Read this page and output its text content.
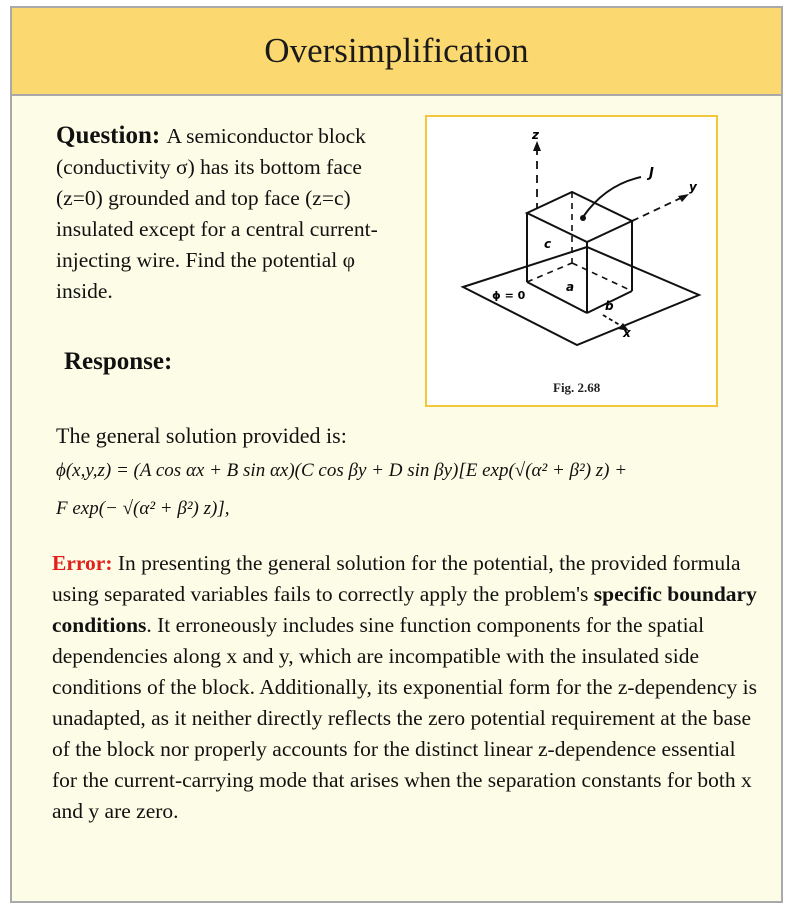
Oversimplification
Question: A semiconductor block (conductivity σ) has its bottom face (z=0) grounded and top face (z=c) insulated except for a central current-injecting wire. Find the potential φ inside.
Response:
z
y
x
J
c
a
b
ϕ = 0
Fig. 2.68
The general solution provided is:
ϕ(x,y,z) = (A cos αx + B sin αx)(C cos βy + D sin βy)[E exp(√(α² + β²) z) +
F exp(− √(α² + β²) z)],
Error: In presenting the general solution for the potential, the provided formula using separated variables fails to correctly apply the problem's specific boundary conditions. It erroneously includes sine function components for the spatial dependencies along x and y, which are incompatible with the insulated side conditions of the block. Additionally, its exponential form for the z-dependency is unadapted, as it neither directly reflects the zero potential requirement at the base of the block nor properly accounts for the distinct linear z-dependence essential for the current-carrying mode that arises when the separation constants for both x and y are zero.
